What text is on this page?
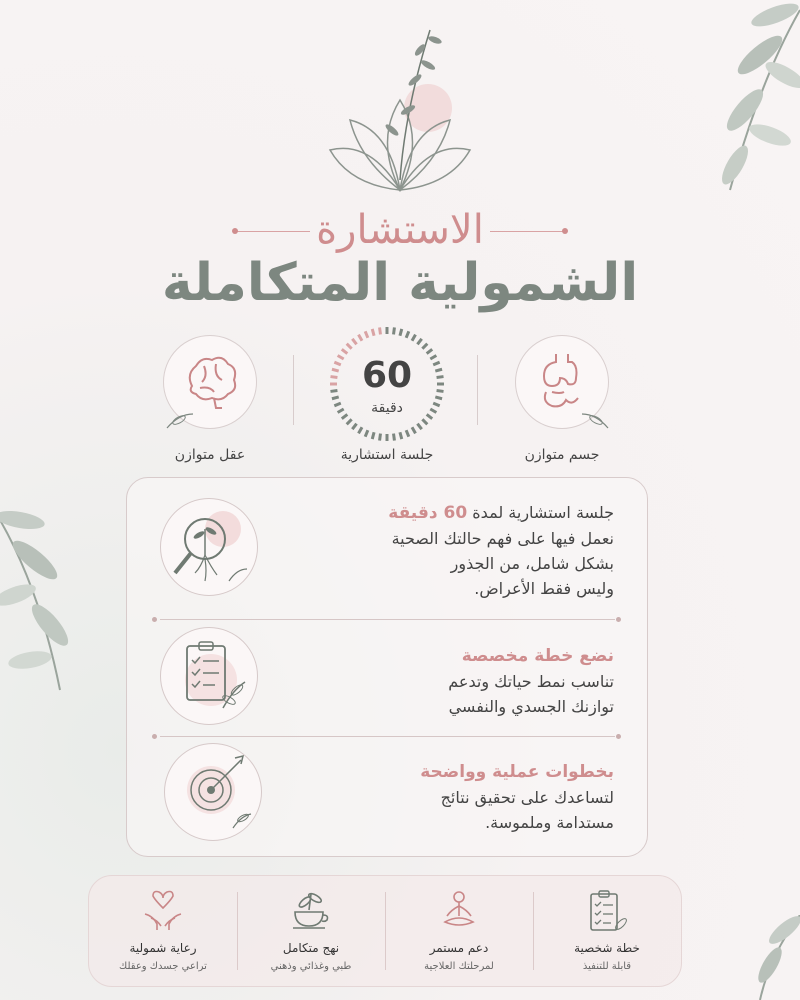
الاستشارة
الشمولية المتكاملة
عقل متوازن
60
دقيقة
جلسة استشارية	جسم متوازن
جلسة استشارية لمدة 60 دقيقة
نعمل فيها على فهم حالتك الصحية
بشكل شامل، من الجذور
وليس فقط الأعراض.
نضع خطة مخصصة
تناسب نمط حياتك وتدعم
توازنك الجسدي والنفسي
بخطوات عملية وواضحة
لتساعدك على تحقيق نتائج
مستدامة وملموسة.
خطة شخصية
قابلة للتنفيذ
دعم مستمر
لمرحلتك العلاجية
نهج متكامل
طبي وغذائي وذهني
رعاية شمولية
تراعي جسدك وعقلك
